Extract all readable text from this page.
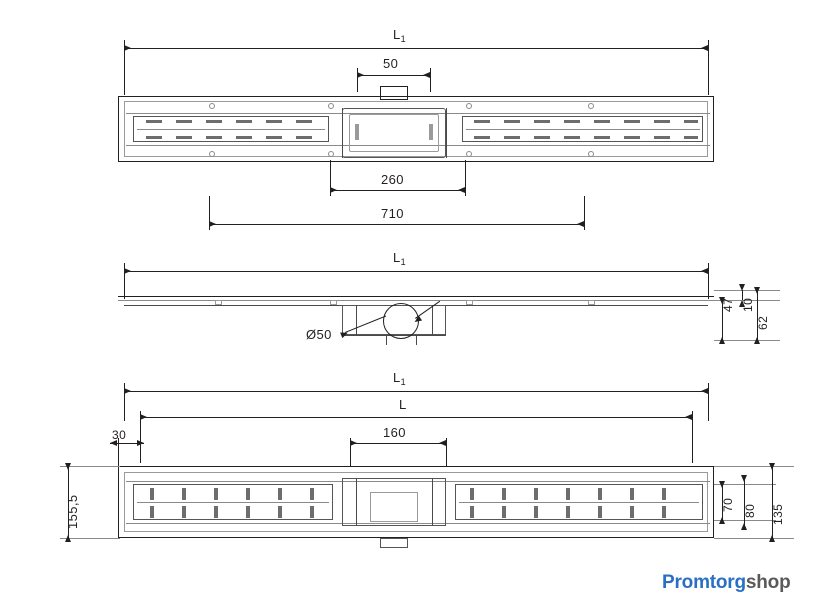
$L_1$
50
260
710
$L_1$
Ø50
10
47
62
$L_1$
L
30	160
155,5	70 80 135
Promtorgshop
